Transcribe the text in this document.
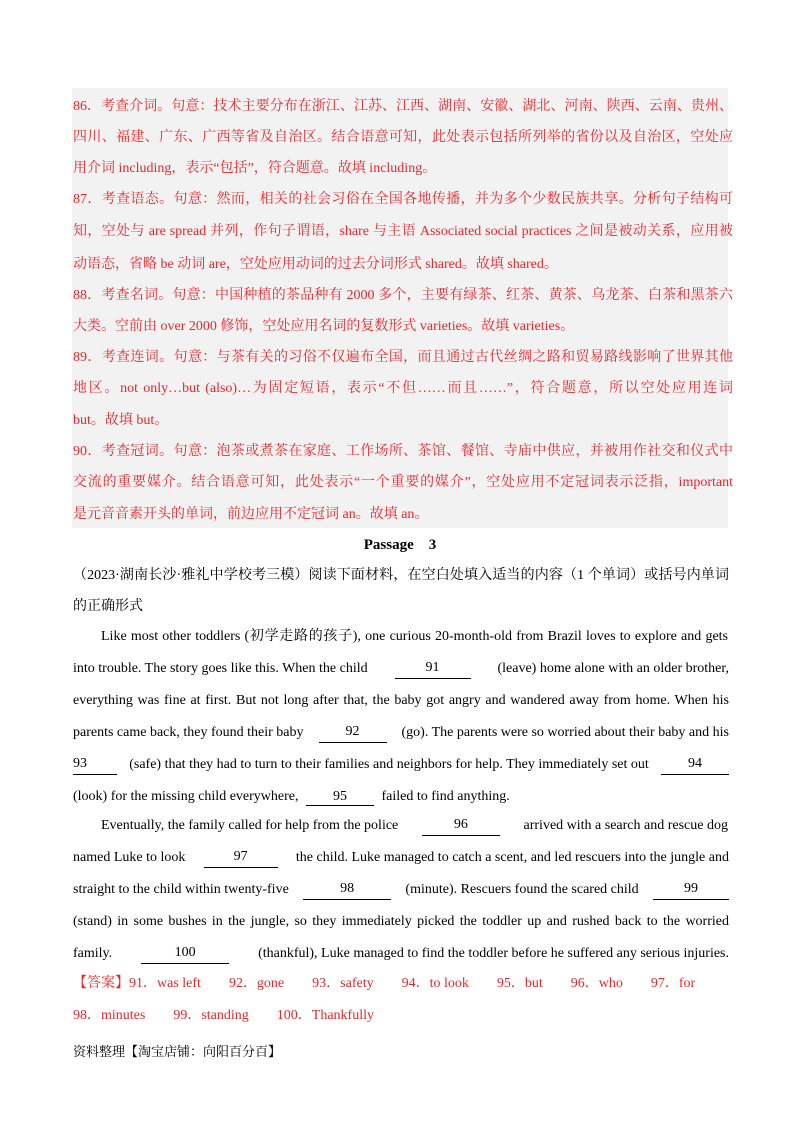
86．考查介词。句意：技术主要分布在浙江、江苏、江西、湖南、安徽、湖北、河南、陕西、云南、贵州、
四川、福建、广东、广西等省及自治区。结合语意可知，此处表示包括所列举的省份以及自治区，空处应
用介词 including，表示“包括”，符合题意。故填 including。
87．考查语态。句意：然而，相关的社会习俗在全国各地传播，并为多个少数民族共享。分析句子结构可
知，空处与 are spread 并列，作句子谓语，share 与主语 Associated social practices 之间是被动关系，应用被
动语态，省略 be 动词 are，空处应用动词的过去分词形式 shared。故填 shared。
88．考查名词。句意：中国种植的茶品种有 2000 多个，主要有绿茶、红茶、黄茶、乌龙茶、白茶和黑茶六
大类。空前由 over 2000 修饰，空处应用名词的复数形式 varieties。故填 varieties。
89．考查连词。句意：与茶有关的习俗不仅遍布全国，而且通过古代丝绸之路和贸易路线影响了世界其他
地区。not only…but (also)…为固定短语，表示“不但……而且……”，符合题意，所以空处应用连词
but。故填 but。
90．考查冠词。句意：泡茶或煮茶在家庭、工作场所、茶馆、餐馆、寺庙中供应，并被用作社交和仪式中
交流的重要媒介。结合语意可知，此处表示“一个重要的媒介”，空处应用不定冠词表示泛指，important
是元音音素开头的单词，前边应用不定冠词 an。故填 an。
Passage　3
（2023·湖南长沙·雅礼中学校考三模）阅读下面材料，在空白处填入适当的内容（1 个单词）或括号内单词
的正确形式
Like most other toddlers (初学走路的孩子), one curious 20-month-old from Brazil loves to explore and gets
into trouble. The story goes like this. When the child	91	(leave) home alone with an older brother,
everything was fine at first. But not long after that, the baby got angry and wandered away from home. When his
parents came back, they found their baby	92	(go). The parents were so worried about their baby and his
93	(safe) that they had to turn to their families and neighbors for help. They immediately set out	94
(look) for the missing child everywhere, 95 failed to find anything.
Eventually, the family called for help from the police	96	arrived with a search and rescue dog
named Luke to look	97	the child. Luke managed to catch a scent, and led rescuers into the jungle and
straight to the child within twenty-five	98	(minute). Rescuers found the scared child	99
(stand) in some bushes in the jungle, so they immediately picked the toddler up and rushed back to the worried
family.	100	(thankful), Luke managed to find the toddler before he suffered any serious injuries.
【答案】91．was left 92．gone 93．safety 94．to look 95．but 96．who 97．for
98．minutes 99．standing 100．Thankfully
资料整理【淘宝店铺：向阳百分百】
